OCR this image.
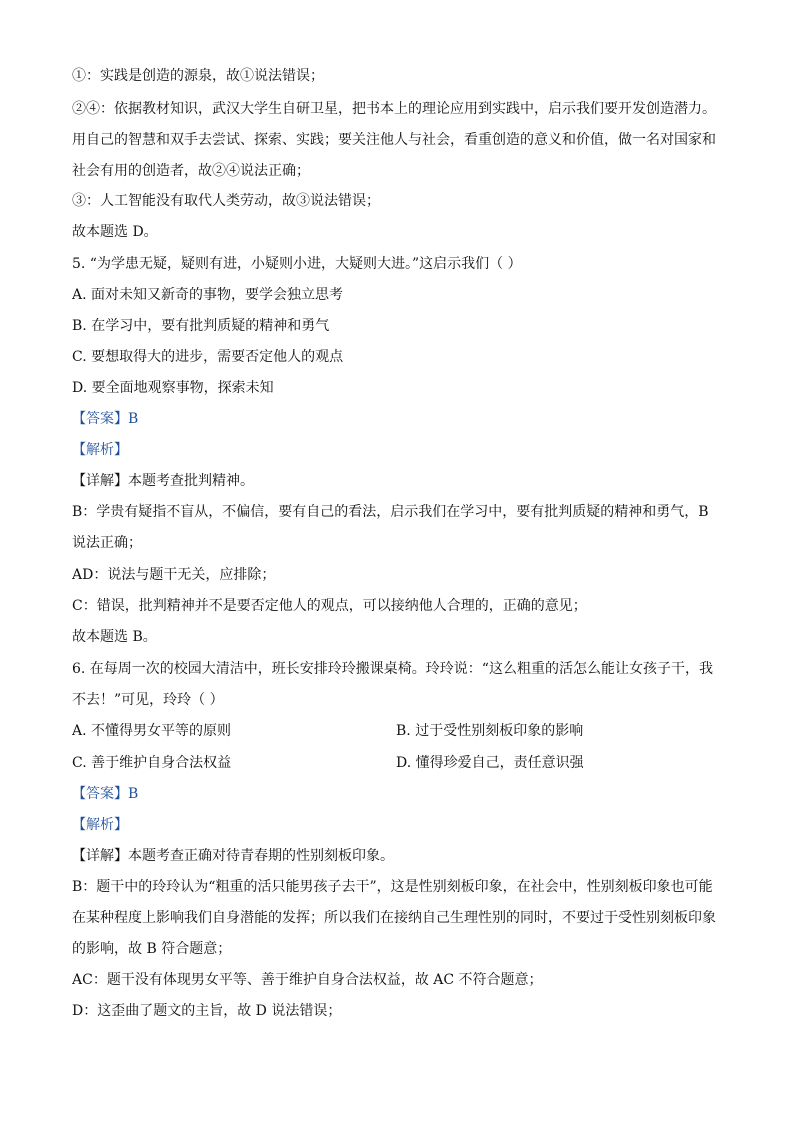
①：实践是创造的源泉，故①说法错误；
②④：依据教材知识，武汉大学生自研卫星，把书本上的理论应用到实践中，启示我们要开发创造潜力。
用自己的智慧和双手去尝试、探索、实践；要关注他人与社会，看重创造的意义和价值，做一名对国家和
社会有用的创造者，故②④说法正确；
③：人工智能没有取代人类劳动，故③说法错误；
故本题选 D。
5. “为学患无疑，疑则有进，小疑则小进，大疑则大进。”这启示我们（ ）
A. 面对未知又新奇的事物，要学会独立思考
B. 在学习中，要有批判质疑的精神和勇气
C. 要想取得大的进步，需要否定他人的观点
D. 要全面地观察事物，探索未知
【答案】B
【解析】
【详解】本题考查批判精神。
B：学贵有疑指不盲从，不偏信，要有自己的看法，启示我们在学习中，要有批判质疑的精神和勇气，B
说法正确；
AD：说法与题干无关，应排除；
C：错误，批判精神并不是要否定他人的观点，可以接纳他人合理的，正确的意见；
故本题选 B。
6. 在每周一次的校园大清洁中，班长安排玲玲搬课桌椅。玲玲说：“这么粗重的活怎么能让女孩子干，我
不去！”可见，玲玲（ ）
A. 不懂得男女平等的原则	B. 过于受性别刻板印象的影响
C. 善于维护自身合法权益	D. 懂得珍爱自己，责任意识强
【答案】B
【解析】
【详解】本题考查正确对待青春期的性别刻板印象。
B：题干中的玲玲认为“粗重的活只能男孩子去干”，这是性别刻板印象，在社会中，性别刻板印象也可能
在某种程度上影响我们自身潜能的发挥；所以我们在接纳自己生理性别的同时，不要过于受性别刻板印象
的影响，故 B 符合题意；
AC：题干没有体现男女平等、善于维护自身合法权益，故 AC 不符合题意；
D：这歪曲了题文的主旨，故 D 说法错误；
